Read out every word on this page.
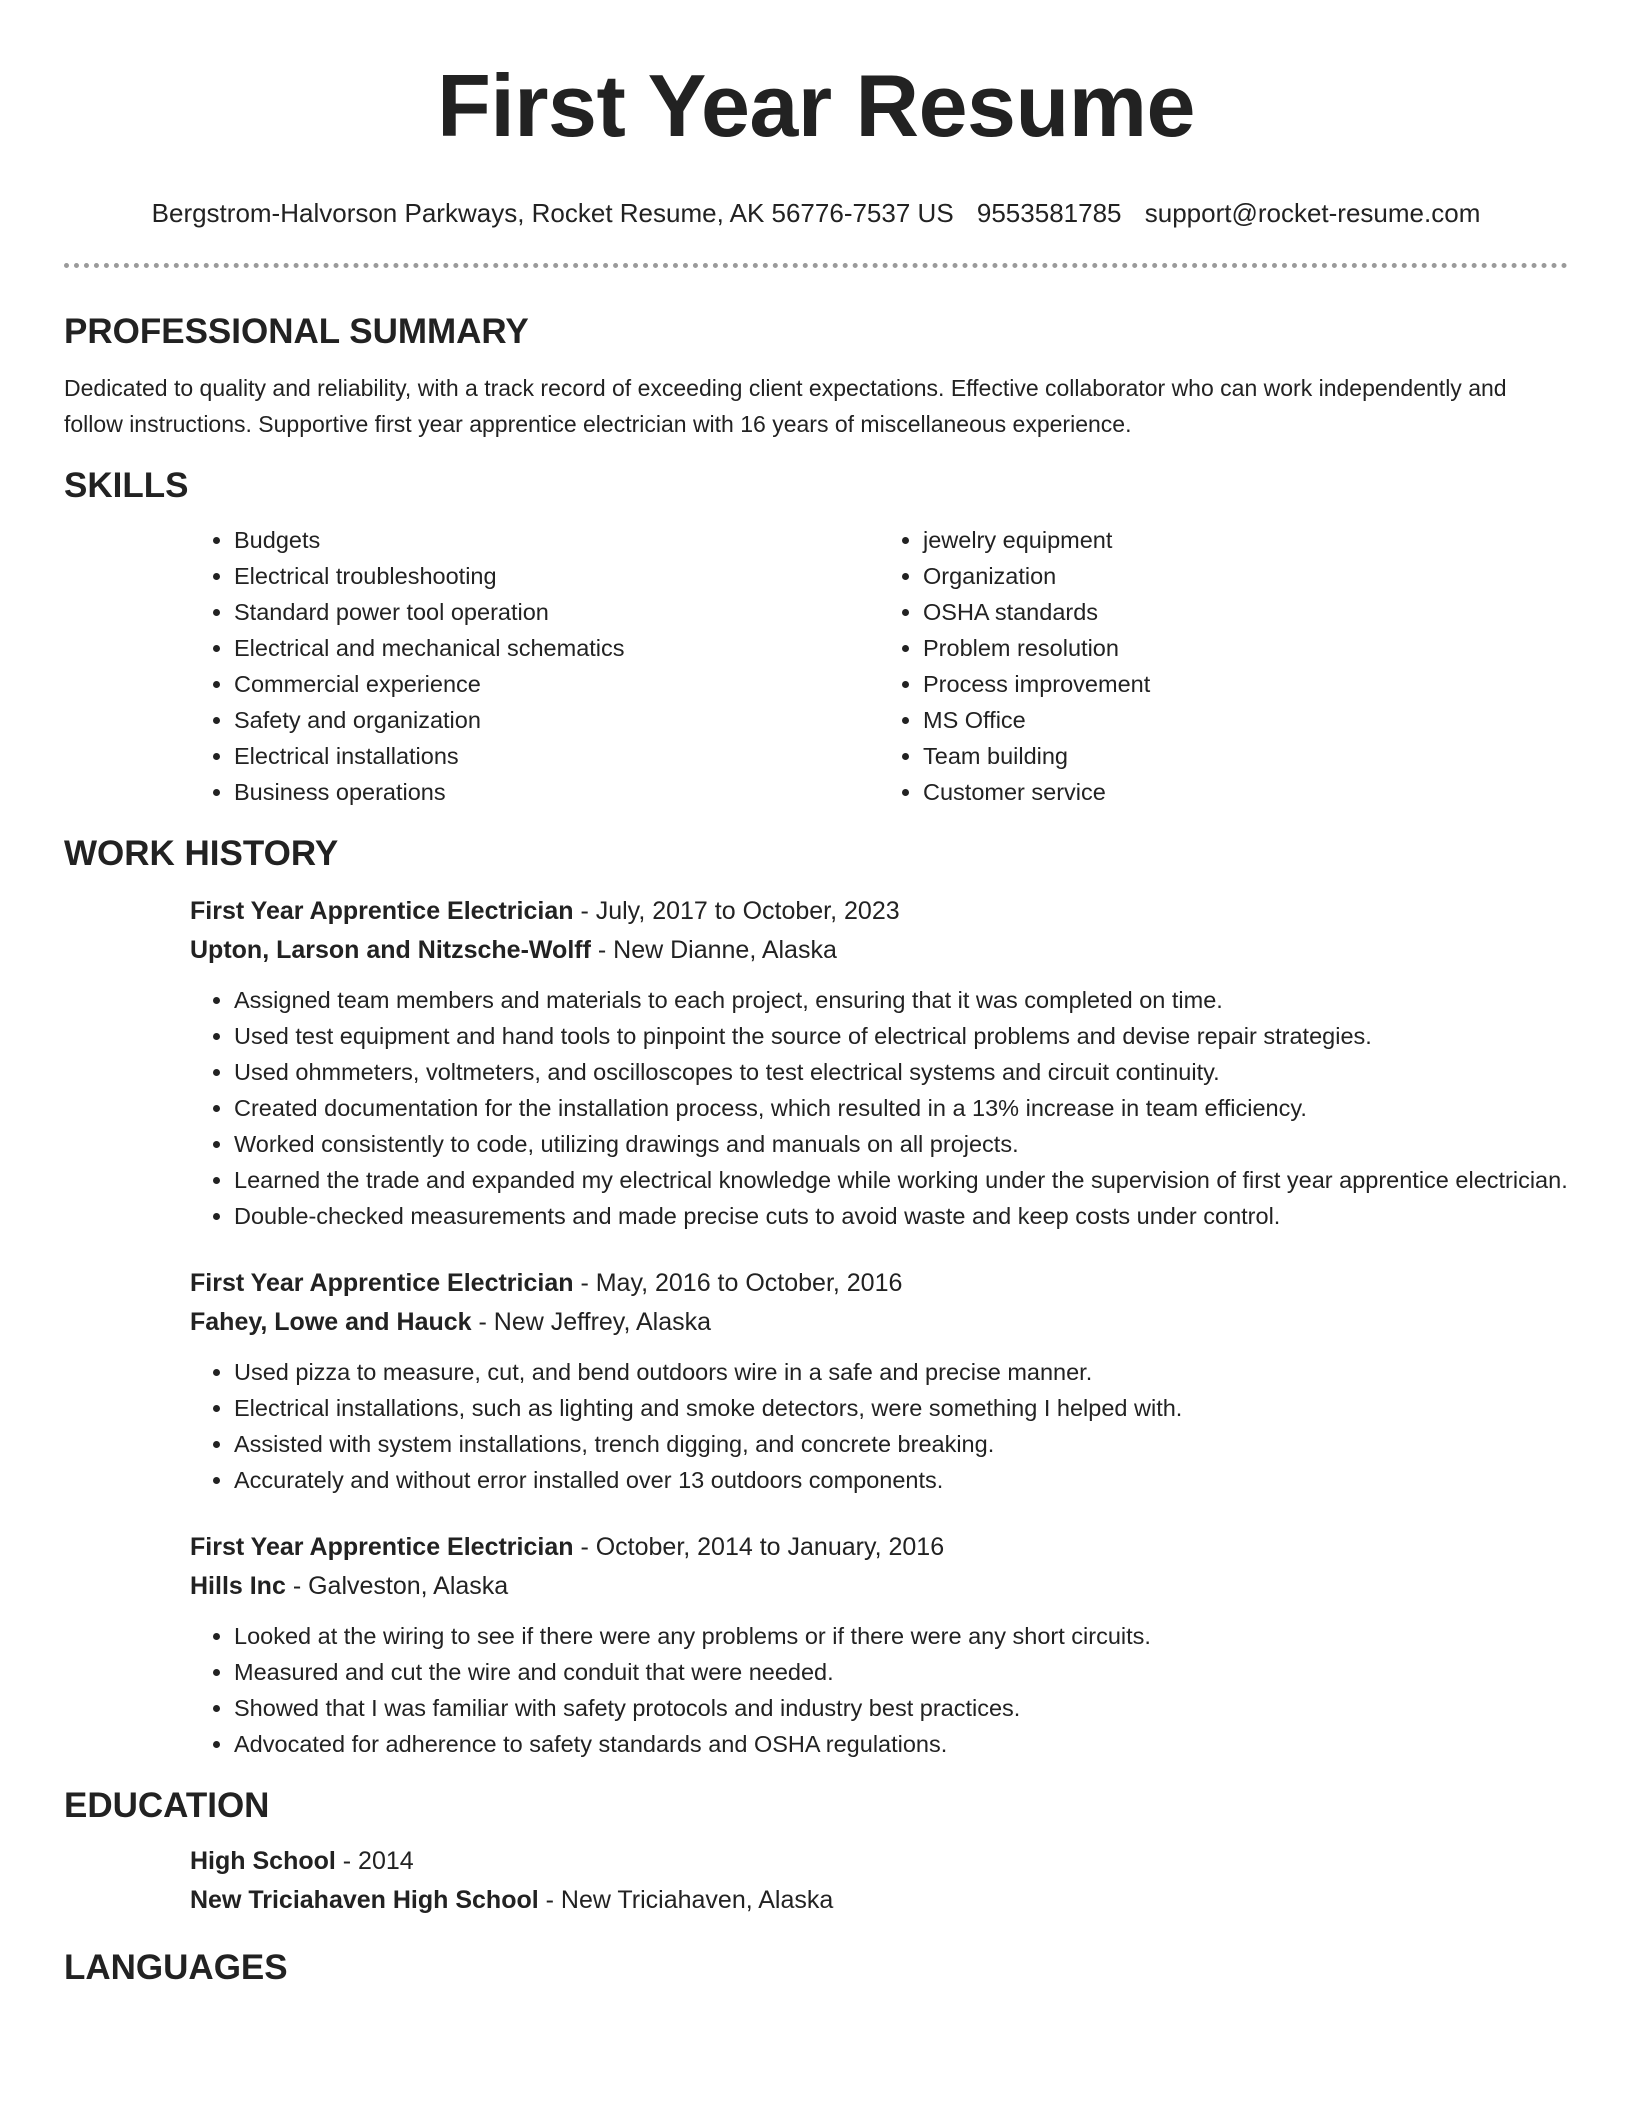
First Year Resume
Bergstrom-Halvorson Parkways, Rocket Resume, AK 56776-7537 US 9553581785 support@rocket-resume.com
PROFESSIONAL SUMMARY

Dedicated to quality and reliability, with a track record of exceeding client expectations. Effective collaborator who can work independently and follow instructions. Supportive first year apprentice electrician with 16 years of miscellaneous experience.

SKILLS
• Budgets
• Electrical troubleshooting
• Standard power tool operation
• Electrical and mechanical schematics
• Commercial experience
• Safety and organization
• Electrical installations
• Business operations
• jewelry equipment
• Organization
• OSHA standards
• Problem resolution
• Process improvement
• MS Office
• Team building
• Customer service
WORK HISTORY
First Year Apprentice Electrician - July, 2017 to October, 2023
Upton, Larson and Nitzsche-Wolff - New Dianne, Alaska
• Assigned team members and materials to each project, ensuring that it was completed on time.
• Used test equipment and hand tools to pinpoint the source of electrical problems and devise repair strategies.
• Used ohmmeters, voltmeters, and oscilloscopes to test electrical systems and circuit continuity.
• Created documentation for the installation process, which resulted in a 13% increase in team efficiency.
• Worked consistently to code, utilizing drawings and manuals on all projects.
• Learned the trade and expanded my electrical knowledge while working under the supervision of first year apprentice electrician.
• Double-checked measurements and made precise cuts to avoid waste and keep costs under control.
First Year Apprentice Electrician - May, 2016 to October, 2016
Fahey, Lowe and Hauck - New Jeffrey, Alaska
• Used pizza to measure, cut, and bend outdoors wire in a safe and precise manner.
• Electrical installations, such as lighting and smoke detectors, were something I helped with.
• Assisted with system installations, trench digging, and concrete breaking.
• Accurately and without error installed over 13 outdoors components.
First Year Apprentice Electrician - October, 2014 to January, 2016
Hills Inc - Galveston, Alaska
• Looked at the wiring to see if there were any problems or if there were any short circuits.
• Measured and cut the wire and conduit that were needed.
• Showed that I was familiar with safety protocols and industry best practices.
• Advocated for adherence to safety standards and OSHA regulations.
EDUCATION
High School - 2014
New Triciahaven High School - New Triciahaven, Alaska
LANGUAGES
